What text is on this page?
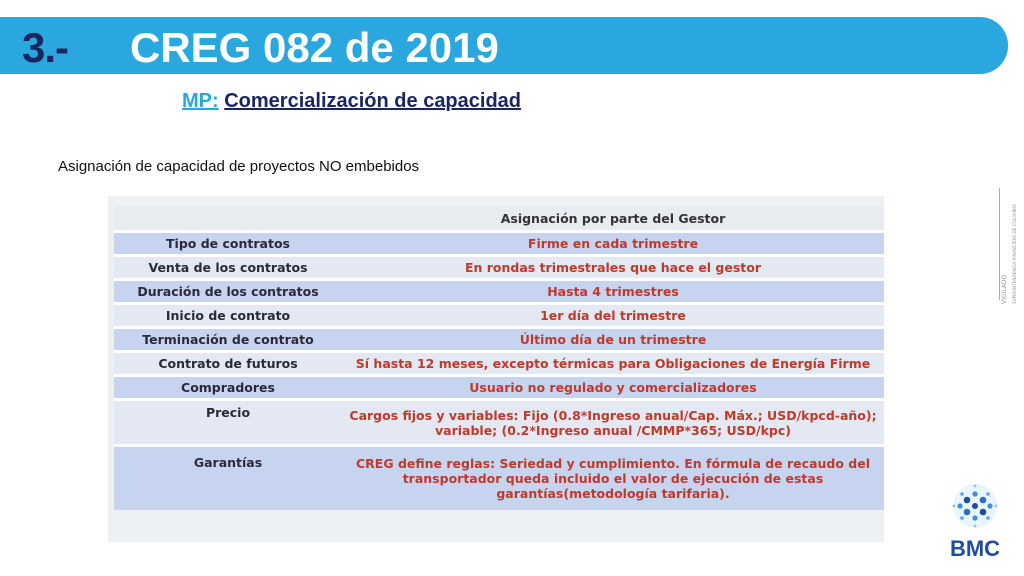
3.- CREG 082 de 2019
MP: Comercialización de capacidad
Asignación de capacidad de proyectos NO embebidos
	Asignación por parte del Gestor
Tipo de contratos	Firme en cada trimestre
Venta de los contratos	En rondas trimestrales que hace el gestor
Duración de los contratos	Hasta 4 trimestres
Inicio de contrato	1er día del trimestre
Terminación de contrato	Último día de un trimestre
Contrato de futuros	Sí hasta 12 meses, excepto térmicas para Obligaciones de Energía Firme
Compradores	Usuario no regulado y comercializadores
Precio	Cargos fijos y variables: Fijo (0.8*Ingreso anual/Cap. Máx.; USD/kpcd-año); variable; (0.2*Ingreso anual /CMMP*365; USD/kpc)
Garantías	CREG define reglas: Seriedad y cumplimiento. En fórmula de recaudo del transportador queda incluido el valor de ejecución de estas garantías(metodología tarifaria).
VIGILADO SUPERINTENDENCIA FINANCIERA DE COLOMBIA
BMC
